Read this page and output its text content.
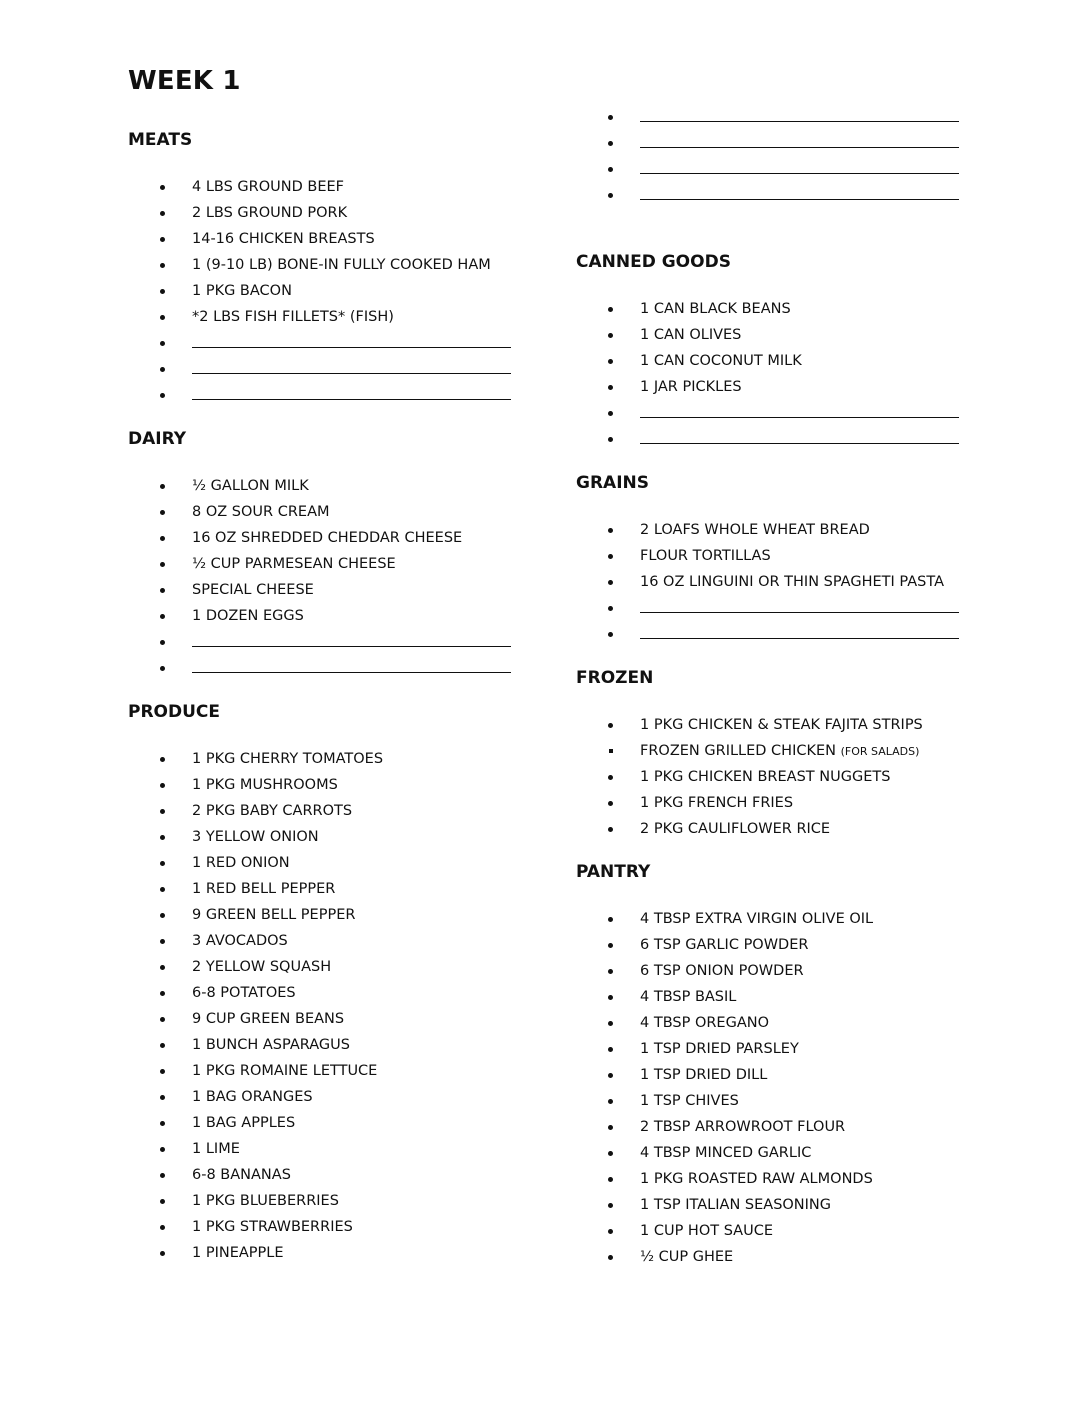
WEEK 1
MEATS
4 LBS GROUND BEEF
2 LBS GROUND PORK
14-16 CHICKEN BREASTS
1 (9-10 LB) BONE-IN FULLY COOKED HAM
1 PKG BACON
*2 LBS FISH FILLETS* (FISH)
DAIRY
½ GALLON MILK
8 OZ SOUR CREAM
16 OZ SHREDDED CHEDDAR CHEESE
½ CUP PARMESEAN CHEESE
SPECIAL CHEESE
1 DOZEN EGGS
PRODUCE
1 PKG CHERRY TOMATOES
1 PKG MUSHROOMS
2 PKG BABY CARROTS
3 YELLOW ONION
1 RED ONION
1 RED BELL PEPPER
9 GREEN BELL PEPPER
3 AVOCADOS
2 YELLOW SQUASH
6-8 POTATOES
9 CUP GREEN BEANS
1 BUNCH ASPARAGUS
1 PKG ROMAINE LETTUCE
1 BAG ORANGES
1 BAG APPLES
1 LIME
6-8 BANANAS
1 PKG BLUEBERRIES
1 PKG STRAWBERRIES
1 PINEAPPLE
CANNED GOODS
1 CAN BLACK BEANS
1 CAN OLIVES
1 CAN COCONUT MILK
1 JAR PICKLES
GRAINS
2 LOAFS WHOLE WHEAT BREAD
FLOUR TORTILLAS
16 OZ LINGUINI OR THIN SPAGHETI PASTA
FROZEN
1 PKG CHICKEN & STEAK FAJITA STRIPS
FROZEN GRILLED CHICKEN (FOR SALADS)
1 PKG CHICKEN BREAST NUGGETS
1 PKG FRENCH FRIES
2 PKG CAULIFLOWER RICE
PANTRY
4 TBSP EXTRA VIRGIN OLIVE OIL
6 TSP GARLIC POWDER
6 TSP ONION POWDER
4 TBSP BASIL
4 TBSP OREGANO
1 TSP DRIED PARSLEY
1 TSP DRIED DILL
1 TSP CHIVES
2 TBSP ARROWROOT FLOUR
4 TBSP MINCED GARLIC
1 PKG ROASTED RAW ALMONDS
1 TSP ITALIAN SEASONING
1 CUP HOT SAUCE
½ CUP GHEE
